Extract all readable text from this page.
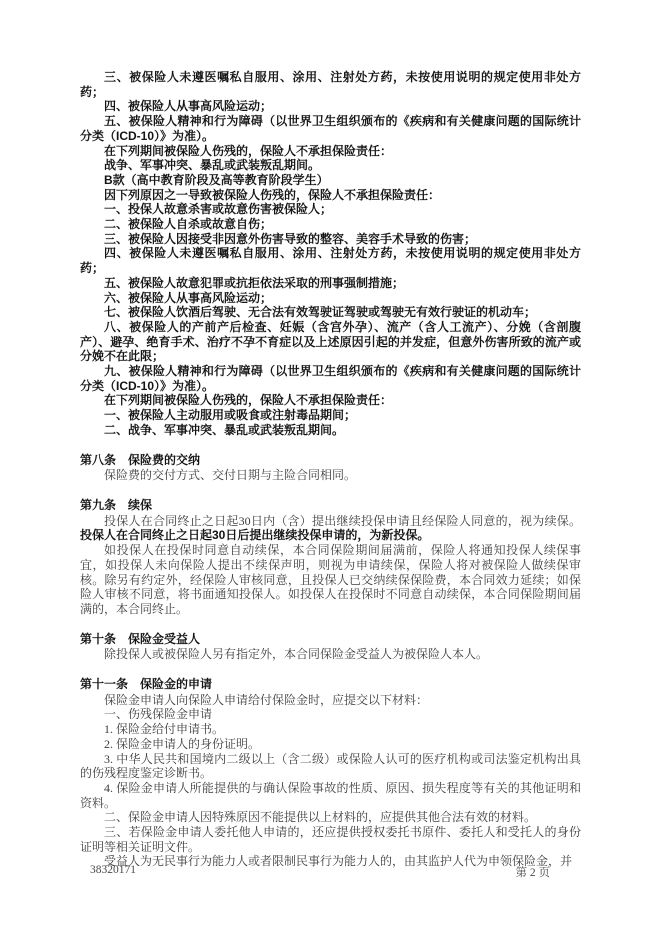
三、被保险人未遵医嘱私自服用、涂用、注射处方药，未按使用说明的规定使用非处方药；

四、被保险人从事高风险运动；

五、被保险人精神和行为障碍（以世界卫生组织颁布的《疾病和有关健康问题的国际统计分类（ICD-10）》为准）。

在下列期间被保险人伤残的，保险人不承担保险责任：

战争、军事冲突、暴乱或武装叛乱期间。

B款（高中教育阶段及高等教育阶段学生）

因下列原因之一导致被保险人伤残的，保险人不承担保险责任：

一、投保人故意杀害或故意伤害被保险人；

二、被保险人自杀或故意自伤；

三、被保险人因接受非因意外伤害导致的整容、美容手术导致的伤害；

四、被保险人未遵医嘱私自服用、涂用、注射处方药，未按使用说明的规定使用非处方药；

五、被保险人故意犯罪或抗拒依法采取的刑事强制措施；

六、被保险人从事高风险运动；

七、被保险人饮酒后驾驶、无合法有效驾驶证驾驶或驾驶无有效行驶证的机动车；

八、被保险人的产前产后检查、妊娠（含宫外孕）、流产（含人工流产）、分娩（含剖腹产）、避孕、绝育手术、治疗不孕不育症以及上述原因引起的并发症，但意外伤害所致的流产或分娩不在此限；

九、被保险人精神和行为障碍（以世界卫生组织颁布的《疾病和有关健康问题的国际统计分类（ICD-10）》为准）。

在下列期间被保险人伤残的，保险人不承担保险责任：

一、被保险人主动服用或吸食或注射毒品期间；

二、战争、军事冲突、暴乱或武装叛乱期间。

第八条　保险费的交纳

保险费的交付方式、交付日期与主险合同相同。

第九条　续保

投保人在合同终止之日起30日内（含）提出继续投保申请且经保险人同意的，视为续保。投保人在合同终止之日起30日后提出继续投保申请的，为新投保。

如投保人在投保时同意自动续保，本合同保险期间届满前，保险人将通知投保人续保事宜，如投保人未向保险人提出不续保声明，则视为申请续保，保险人将对被保险人做续保审核。除另有约定外，经保险人审核同意，且投保人已交纳续保保险费，本合同效力延续；如保险人审核不同意，将书面通知投保人。如投保人在投保时不同意自动续保，本合同保险期间届满的，本合同终止。

第十条　保险金受益人

除投保人或被保险人另有指定外，本合同保险金受益人为被保险人本人。

第十一条　保险金的申请

保险金申请人向保险人申请给付保险金时，应提交以下材料：

一、伤残保险金申请

1. 保险金给付申请书。

2. 保险金申请人的身份证明。

3. 中华人民共和国境内二级以上（含二级）或保险人认可的医疗机构或司法鉴定机构出具的伤残程度鉴定诊断书。

4. 保险金申请人所能提供的与确认保险事故的性质、原因、损失程度等有关的其他证明和资料。

二、保险金申请人因特殊原因不能提供以上材料的，应提供其他合法有效的材料。

三、若保险金申请人委托他人申请的，还应提供授权委托书原件、委托人和受托人的身份证明等相关证明文件。

受益人为无民事行为能力人或者限制民事行为能力人的，由其监护人代为申领保险金，并

38320171	第 2 页
